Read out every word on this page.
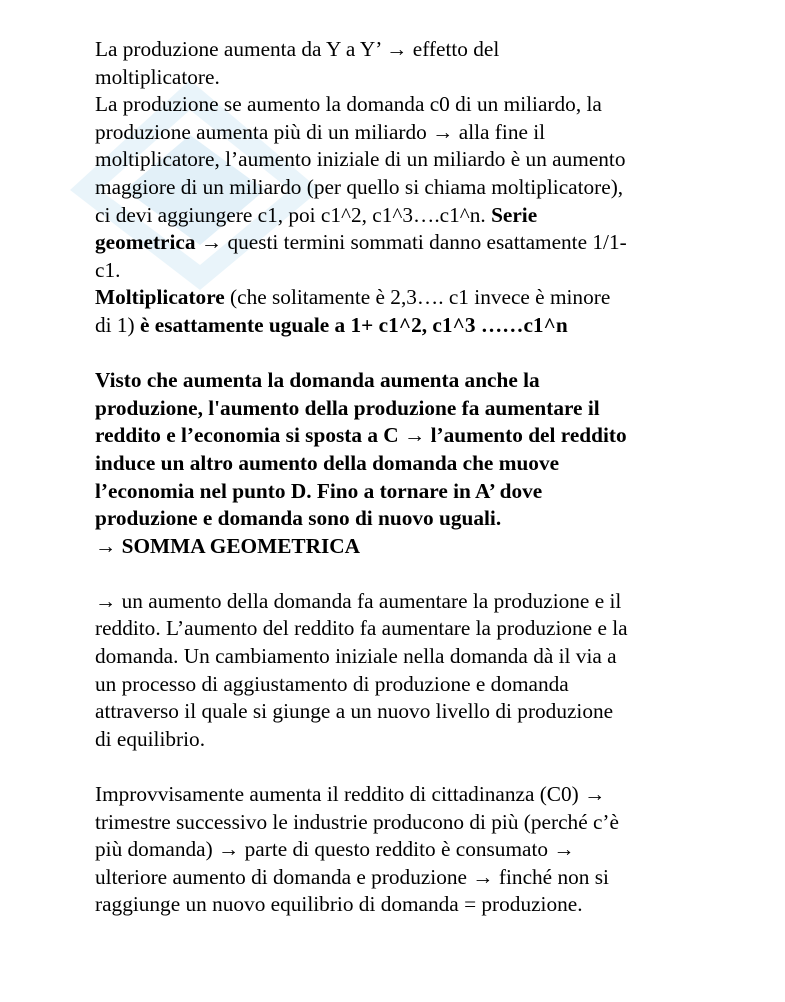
La produzione aumenta da Y a Y’ → effetto del
moltiplicatore.
La produzione se aumento la domanda c0 di un miliardo, la
produzione aumenta più di un miliardo → alla fine il
moltiplicatore, l’aumento iniziale di un miliardo è un aumento
maggiore di un miliardo (per quello si chiama moltiplicatore),
ci devi aggiungere c1, poi c1^2, c1^3….c1^n. Serie
geometrica → questi termini sommati danno esattamente 1/1-
c1.
Moltiplicatore (che solitamente è 2,3…. c1 invece è minore
di 1) è esattamente uguale a 1+ c1^2, c1^3 ……c1^n
Visto che aumenta la domanda aumenta anche la
produzione, l'aumento della produzione fa aumentare il
reddito e l’economia si sposta a C → l’aumento del reddito
induce un altro aumento della domanda che muove
l’economia nel punto D. Fino a tornare in A’ dove
produzione e domanda sono di nuovo uguali.
→ SOMMA GEOMETRICA
→ un aumento della domanda fa aumentare la produzione e il
reddito. L’aumento del reddito fa aumentare la produzione e la
domanda. Un cambiamento iniziale nella domanda dà il via a
un processo di aggiustamento di produzione e domanda
attraverso il quale si giunge a un nuovo livello di produzione
di equilibrio.
Improvvisamente aumenta il reddito di cittadinanza (C0) →
trimestre successivo le industrie producono di più (perché c’è
più domanda) → parte di questo reddito è consumato →
ulteriore aumento di domanda e produzione → finché non si
raggiunge un nuovo equilibrio di domanda = produzione.
